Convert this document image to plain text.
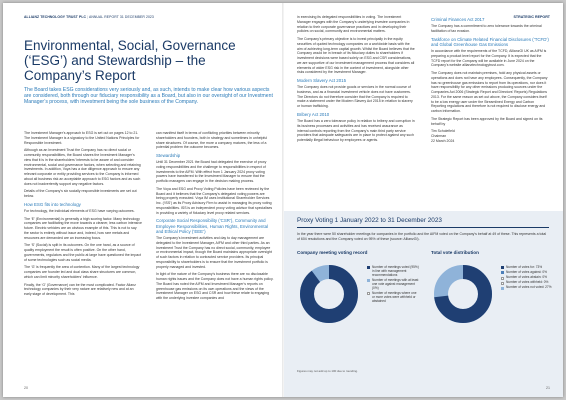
ALLIANZ TECHNOLOGY TRUST PLC | ANNUAL REPORT 31 DECEMBER 2023
Environmental, Social, Governance (‘ESG’) and Stewardship – the Company’s Report
The Board takes ESG considerations very seriously and, as such, intends to make clear how various aspects are considered, both through our fiduciary responsibility as a Board, but also in our oversight of our Investment Manager’s process, with investment being the sole business of the Company.

The Investment Manager’s approach to ESG is set out on pages 12 to 21. The Investment Manager is a signatory to the United Nations Principles for Responsible Investment.

Although as an Investment Trust the Company has no direct social or community responsibilities, the Board shares the Investment Manager’s view that it is in the shareholders’ interests to be aware of and consider environmental, social and governance factors, when selecting and retaining investments. In addition, Voya has a due diligence approach to ensure any relevant corporate or entity providing services to the Company is informed about all business risk an acceptable approach to ESG factors and as such does not inadvertently support any negative factors.

Details of the Company’s six socially responsible investments are set out below.

How ESG fits into technology

For technology, the individual elements of ESG have varying outcomes.

The ‘E’ (Environmental) is generally a high scoring factor. Many technology companies are facilitating the move towards a cleaner, less carbon intensive future. Electric vehicles are an obvious example of this. This is not to say the sector is entirely without issue and, indeed, how rare metals and resources are demanded are an increasing focus.

The ‘S’ (Social) is split in its outcomes. On the one hand, as a source of quality employment the result is often positive. On the other hand, governments, regulators and the public at large have questioned the impact of some technologies such as social media.

The ‘G’ is frequently the area of contention. Many of the largest technology companies are founder led and dual class share structures are common, which can limit minority shareholders’ influence.

Finally, the ‘G’ (Governance) can be the most complicated. Factor Alianz technology companies by their very nature are relatively new and at an early stage of development. This

can manifest itself in terms of conflicting priorities between minority shareholders and founders, both in strategy and sometimes in unhelpful share structures. Of course, the more a company matures, the less of a potential problem the outcome becomes.

Stewardship

Until 31 December 2021 the Board had delegated the exercise of proxy voting responsibilities and the challenge to responsibilities in respect of investments to the AIFM. With effect from 1 January 2024 proxy voting powers have transferred to the Investment Manager to ensure that the portfolio managers can engage in the decision making process.

The Voya and ESG and Proxy Voting Policies have been reviewed by the Board and it believes that the Company’s delegated voting powers are being properly executed. Voya IM uses Institutional Shareholder Services Inc. (‘ISS’) as its Proxy Advisory Firm to assist in managing its proxy voting responsibilities. ISS is an independent proxy voting advisor that specialises in providing a variety of fiduciary level proxy related services.

Corporate Social Responsibility (‘CSR’), Community and Employee Responsibilities, Human Rights, Environmental and Ethical Policy (‘EEE’)

The Company’s investment activities and day to day management are delegated to the Investment Manager, AIFM and other third parties. As an Investment Trust the Company has no direct social, community, employee or environmental impact, though the Board maintains appropriate oversight of such factors in relation to contracted service providers. Its principal responsibility to shareholders is to ensure that the investment portfolio is properly managed and invested.

In light of the nature of the Company’s business there are no disclosable human rights issues and the Company does not have a human rights policy. The Board has noted the AIFM and Investment Manager’s reports on greenhouse gas emissions on its own operations and the views of the Investment Manager on ESG and CSR and how these relate to engaging with the underlying investee companies and

20
STRATEGIC REPORT

in exercising its delegated responsibilities in voting. The Investment Manager engages with the Company’s underlying investee companies in relation to their corporate governance practices and in developing their policies on social, community and environmental matters.

The Company’s primary objective is to invest principally in the equity securities of quoted technology companies on a worldwide basis with the aim of achieving long-term capital growth. Whilst the Board believes that the Company would be in breach of its fiduciary duties to shareholders if investment decisions were based solely on ESG and CSR considerations, we are supportive of our investment management process that considers all elements of wider ESG risk in the context of investment, alongside other risks considered by the Investment Manager.

Modern Slavery Act 2015

The Company does not provide goods or services in the normal course of business, and as a financial investment vehicle does not have customers. The Directors do not therefore consider that the Company is required to make a statement under the Modern Slavery Act 2015 in relation to slavery or human trafficking.

Bribery Act 2010

The Board has a zero tolerance policy in relation to bribery and corruption in its business processes and activities and has received assurance as internal controls reporting from the Company’s main third party service providers that adequate safeguards are in place to protect against any such potentially illegal behaviour by employees or agents.

Criminal Finances Act 2017

The Company has a commitment to zero tolerance towards the criminal facilitation of tax evasion.

Taskforce on Climate Related Financial Disclosures (‘TCFD’) and Global Greenhouse Gas Emissions

In accordance with the requirements of the TCFD, AllianzGI UK as AIFM is preparing a product level report for the Company. It is expected that the TCFD report for the Company will be available in June 2024 on the Company’s website allianztechnologytrust.com.

The Company does not maintain premises, hold any physical assets or operations and does not have any employees. Consequently, the Company has no greenhouse gas emissions to report from its operations, nor does it have responsibility for any other emissions producing sources under the Companies Act 2006 (Strategic Report and Directors’ Reports) Regulations 2013. For the same reason as set out above, the Company considers itself to be a low energy user under the Streamlined Energy and Carbon Reporting regulations and therefore is not required to disclose energy and carbon information.

The Strategic Report has been approved by the Board and signed on its behalf by

Tim Scholefield
Chairman
22 March 2024

Proxy Voting 1 January 2022 to 31 December 2023
In the year there were 50 shareholder meetings for companies in the portfolio and the AIFM voted on the Company’s behalf at 49 of these. This represents a total of 604 resolutions and the Company voted on 95% of these (source: AllianzGI).
Company meeting voting record
Number of meetings voted (95%) in line with management recommendations
Number of meetings with at least one vote against management (0%)
Number of meetings where one or more votes were withheld or abstained
Figures may not add up to 100 due to rounding.
Total vote distribution
Number of votes for: 73%
Number of votes against: 0%
Number of votes abstain: 0%
Number of votes withheld: 0%
Number of votes not voted: 27%
21
